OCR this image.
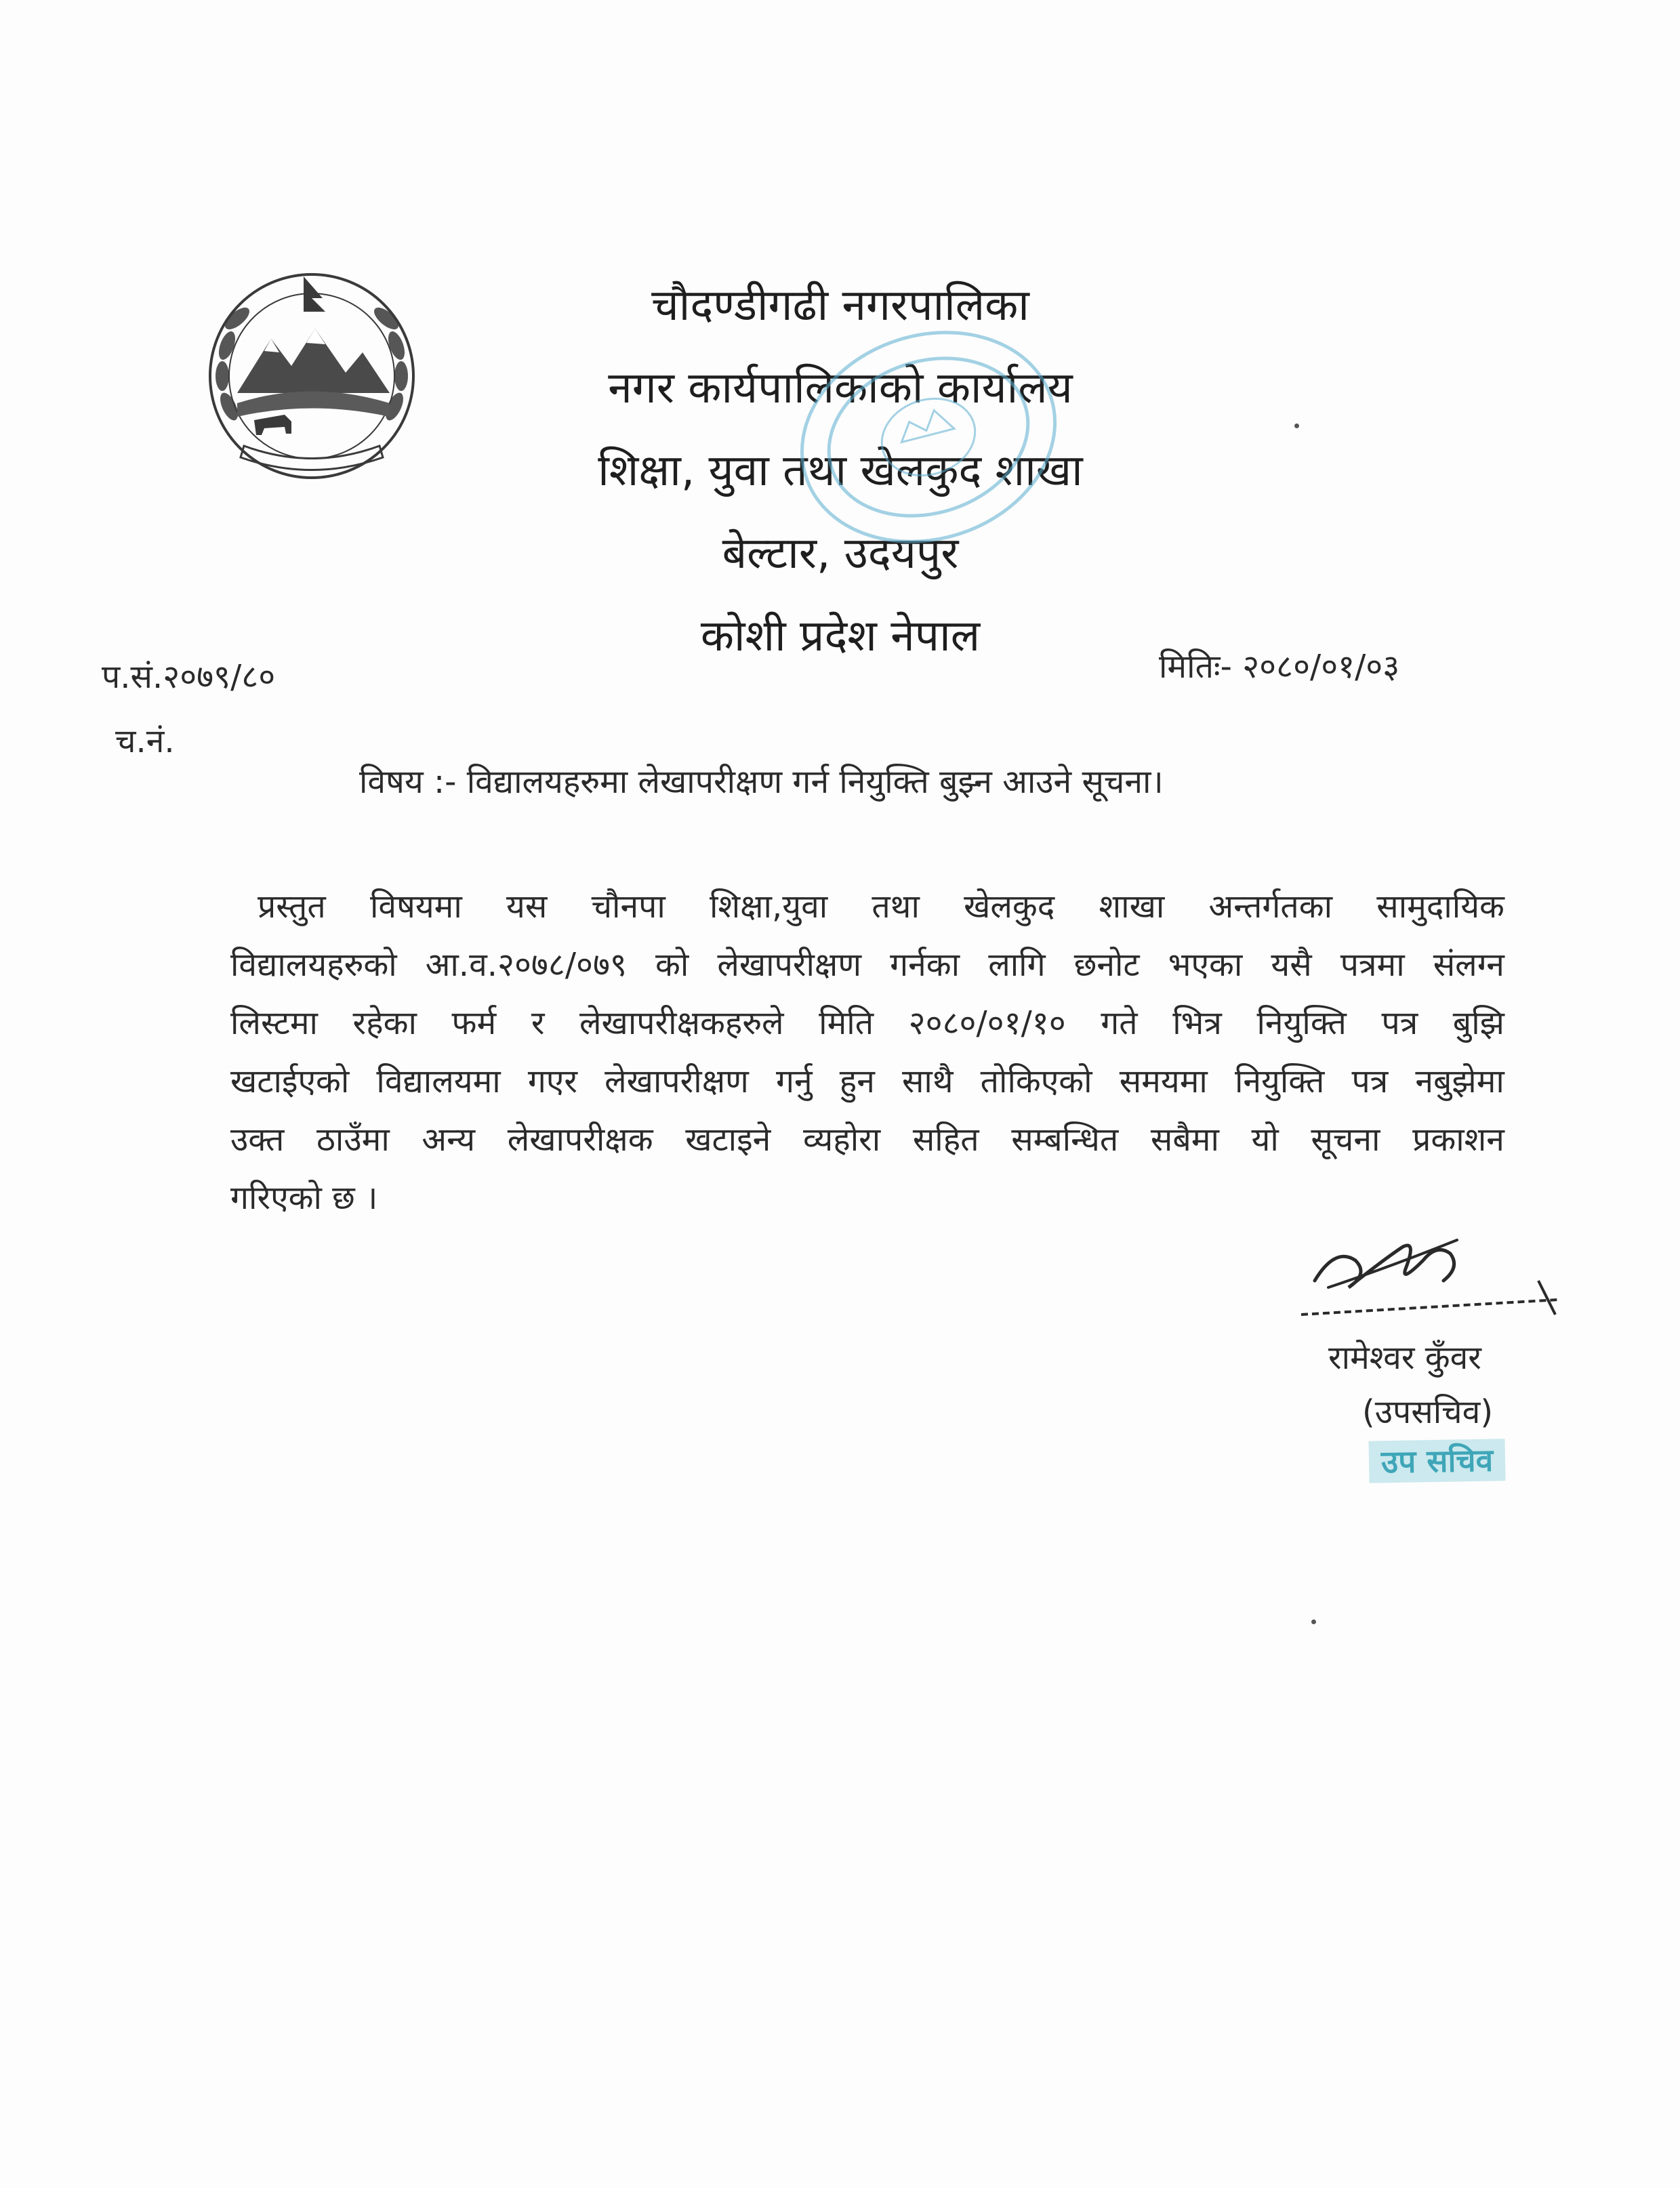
चौदण्डीगढी नगरपालिका
नगर कार्यपालिकाको कार्यालय
शिक्षा, युवा तथा खेलकुद शाखा
बेल्टार, उदयपुर
कोशी प्रदेश नेपाल
प.सं.२०७९/८०
च.नं.
मितिः- २०८०/०१/०३
विषय :- विद्यालयहरुमा लेखापरीक्षण गर्न नियुक्ति बुझ्न आउने सूचना।
प्रस्तुत विषयमा यस चौनपा शिक्षा,युवा तथा खेलकुद शाखा अन्तर्गतका सामुदायिक
विद्यालयहरुको आ.व.२०७८/०७९ को लेखापरीक्षण गर्नका लागि छनोट भएका यसै पत्रमा संलग्न
लिस्टमा रहेका फर्म र लेखापरीक्षकहरुले मिति २०८०/०१/१० गते भित्र नियुक्ति पत्र बुझि
खटाईएको विद्यालयमा गएर लेखापरीक्षण गर्नु हुन साथै तोकिएको समयमा नियुक्ति पत्र नबुझेमा
उक्त ठाउँमा अन्य लेखापरीक्षक खटाइने व्यहोरा सहित सम्बन्धित सबैमा यो सूचना प्रकाशन
गरिएको छ ।
रामेश्वर कुँवर
(उपसचिव)
उप सचिव
